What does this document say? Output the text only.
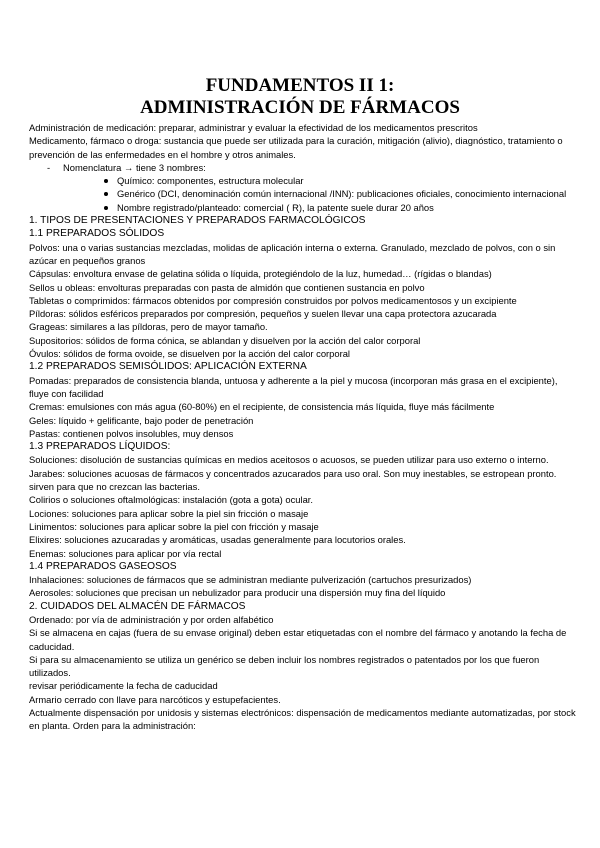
FUNDAMENTOS II 1:
ADMINISTRACIÓN DE FÁRMACOS

Administración de medicación: preparar, administrar y evaluar la efectividad de los medicamentos prescritos

Medicamento, fármaco o droga: sustancia que puede ser utilizada para la curación, mitigación (alivio), diagnóstico, tratamiento o prevención de las enfermedades en el hombre y otros animales.

- Nomenclatura → tiene 3 nombres:
Químico: componentes, estructura molecular
Genérico (DCI, denominación común internacional /INN): publicaciones oficiales, conocimiento internacional
Nombre registrado/planteado: comercial ( R), la patente suele durar 20 años

1. TIPOS DE PRESENTACIONES Y PREPARADOS FARMACOLÓGICOS

1.1 PREPARADOS SÓLIDOS

Polvos: una o varias sustancias mezcladas, molidas de aplicación interna o externa. Granulado, mezclado de polvos, con o sin azúcar en pequeños granos

Cápsulas: envoltura envase de gelatina sólida o líquida, protegiéndolo de la luz, humedad… (rígidas o blandas)

Sellos u obleas: envolturas preparadas con pasta de almidón que contienen sustancia en polvo

Tabletas o comprimidos: fármacos obtenidos por compresión construidos por polvos medicamentosos y un excipiente

Píldoras: sólidos esféricos preparados por compresión, pequeños y suelen llevar una capa protectora azucarada

Grageas: similares a las píldoras, pero de mayor tamaño.

Supositorios: sólidos de forma cónica, se ablandan y disuelven por la acción del calor corporal

Óvulos: sólidos de forma ovoide, se disuelven por la acción del calor corporal

1.2 PREPARADOS SEMISÓLIDOS: APLICACIÓN EXTERNA

Pomadas: preparados de consistencia blanda, untuosa y adherente a la piel y mucosa (incorporan más grasa en el excipiente), fluye con facilidad

Cremas: emulsiones con más agua (60-80%) en el recipiente, de consistencia más líquida, fluye más fácilmente

Geles: líquido + gelificante, bajo poder de penetración

Pastas: contienen polvos insolubles, muy densos

1.3 PREPARADOS LÍQUIDOS:

Soluciones: disolución de sustancias químicas en medios aceitosos o acuosos, se pueden utilizar para uso externo o interno.

Jarabes: soluciones acuosas de fármacos y concentrados azucarados para uso oral. Son muy inestables, se estropean pronto. sirven para que no crezcan las bacterias.

Colirios o soluciones oftalmológicas: instalación (gota a gota) ocular.

Lociones: soluciones para aplicar sobre la piel sin fricción o masaje

Linimentos: soluciones para aplicar sobre la piel con fricción y masaje

Elixires: soluciones azucaradas y aromáticas, usadas generalmente para locutorios orales.

Enemas: soluciones para aplicar por vía rectal

1.4 PREPARADOS GASEOSOS

Inhalaciones: soluciones de fármacos que se administran mediante pulverización (cartuchos presurizados)

Aerosoles: soluciones que precisan un nebulizador para producir una dispersión muy fina del líquido

2. CUIDADOS DEL ALMACÉN DE FÁRMACOS

Ordenado: por vía de administración y por orden alfabético

Si se almacena en cajas (fuera de su envase original) deben estar etiquetadas con el nombre del fármaco y anotando la fecha de caducidad.

Si para su almacenamiento se utiliza un genérico se deben incluir los nombres registrados o patentados por los que fueron utilizados.

revisar periódicamente la fecha de caducidad

Armario cerrado con llave para narcóticos y estupefacientes.

Actualmente dispensación por unidosis y sistemas electrónicos: dispensación de medicamentos mediante automatizadas, por stock en planta. Orden para la administración:
